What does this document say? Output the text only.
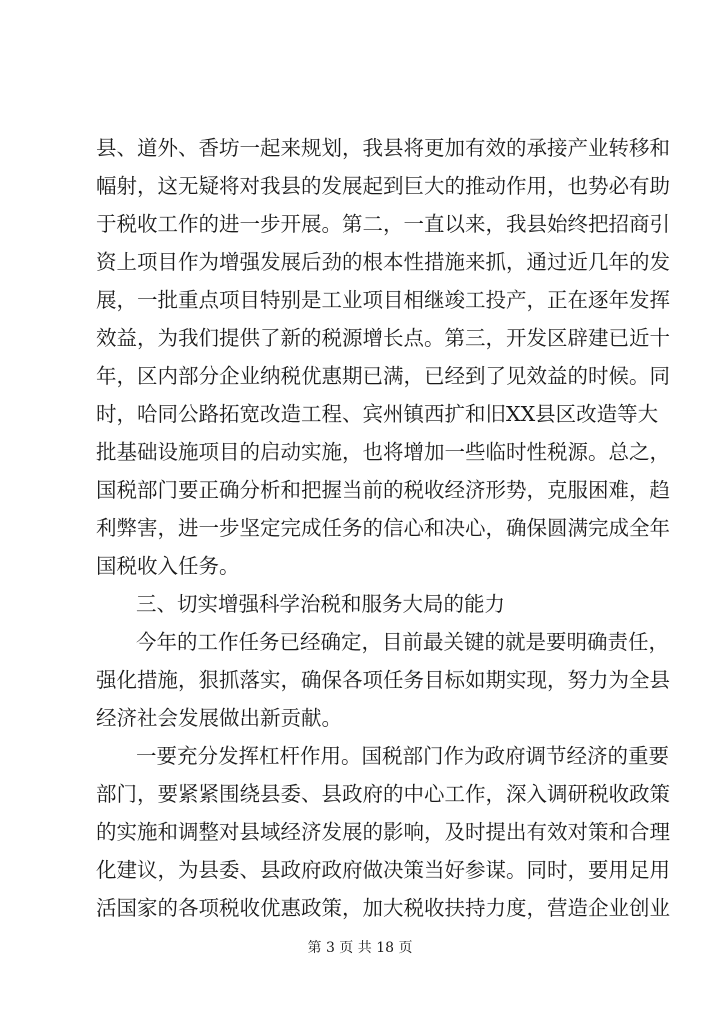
县、道外、香坊一起来规划，我县将更加有效的承接产业转移和
幅射，这无疑将对我县的发展起到巨大的推动作用，也势必有助
于税收工作的进一步开展。第二，一直以来，我县始终把招商引
资上项目作为增强发展后劲的根本性措施来抓，通过近几年的发
展，一批重点项目特别是工业项目相继竣工投产，正在逐年发挥
效益，为我们提供了新的税源增长点。第三，开发区辟建已近十
年，区内部分企业纳税优惠期已满，已经到了见效益的时候。同
时，哈同公路拓宽改造工程、宾州镇西扩和旧XX县区改造等大
批基础设施项目的启动实施，也将增加一些临时性税源。总之，
国税部门要正确分析和把握当前的税收经济形势，克服困难，趋
利弊害，进一步坚定完成任务的信心和决心，确保圆满完成全年
国税收入任务。
三、切实增强科学治税和服务大局的能力
今年的工作任务已经确定，目前最关键的就是要明确责任，
强化措施，狠抓落实，确保各项任务目标如期实现，努力为全县
经济社会发展做出新贡献。
一要充分发挥杠杆作用。国税部门作为政府调节经济的重要
部门，要紧紧围绕县委、县政府的中心工作，深入调研税收政策
的实施和调整对县域经济发展的影响，及时提出有效对策和合理
化建议，为县委、县政府政府做决策当好参谋。同时，要用足用
活国家的各项税收优惠政策，加大税收扶持力度，营造企业创业
第 3 页 共 18 页
